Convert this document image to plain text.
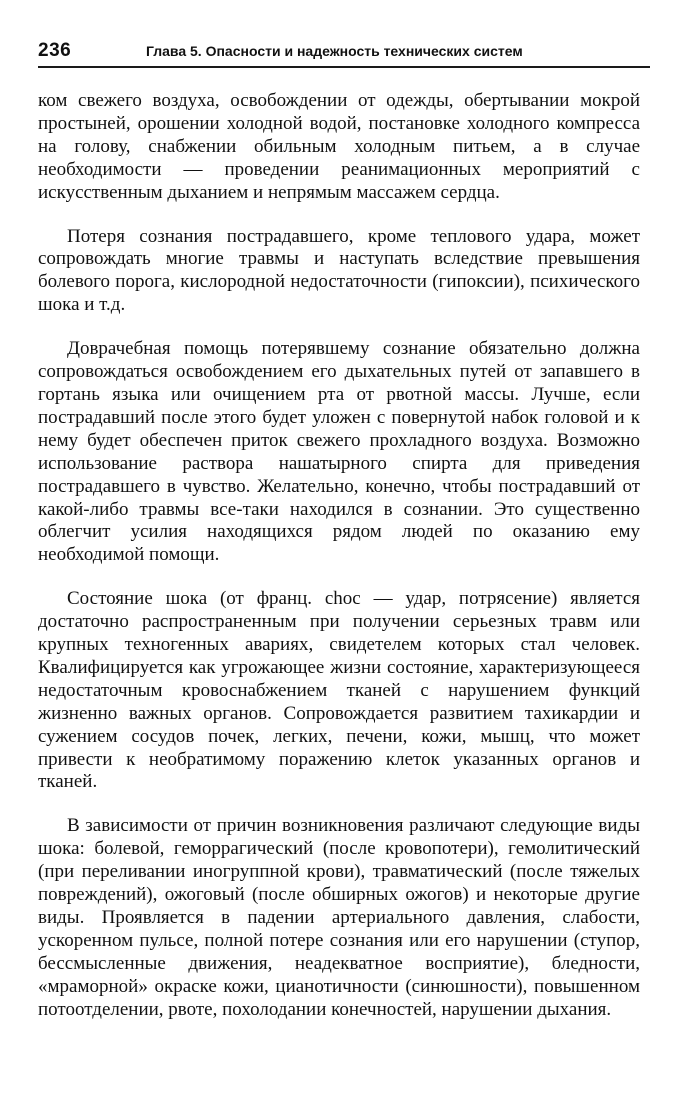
236	Глава 5. Опасности и надежность технических систем

ком свежего воздуха, освобождении от одежды, обертывании мокрой простыней, орошении холодной водой, постановке холодного компресса на голову, снабжении обильным холодным питьем, а в случае необходимости — проведении реанимационных мероприятий с искусственным дыханием и непрямым массажем сердца.

Потеря сознания пострадавшего, кроме теплового удара, может сопровождать многие травмы и наступать вследствие превышения болевого порога, кислородной недостаточности (гипоксии), психического шока и т.д.

Доврачебная помощь потерявшему сознание обязательно должна сопровождаться освобождением его дыхательных путей от запавшего в гортань языка или очищением рта от рвотной массы. Лучше, если пострадавший после этого будет уложен с повернутой набок головой и к нему будет обеспечен приток свежего прохладного воздуха. Возможно использование раствора нашатырного спирта для приведения пострадавшего в чувство. Желательно, конечно, чтобы пострадавший от какой-либо травмы все-таки находился в сознании. Это существенно облегчит усилия находящихся рядом людей по оказанию ему необходимой помощи.

Состояние шока (от франц. choc — удар, потрясение) является достаточно распространенным при получении серьезных травм или крупных техногенных авариях, свидетелем которых стал человек. Квалифицируется как угрожающее жизни состояние, характеризующееся недостаточным кровоснабжением тканей с нарушением функций жизненно важных органов. Сопровождается развитием тахикардии и сужением сосудов почек, легких, печени, кожи, мышц, что может привести к необратимому поражению клеток указанных органов и тканей.

В зависимости от причин возникновения различают следующие виды шока: болевой, геморрагический (после кровопотери), гемолитический (при переливании иногруппной крови), травматический (после тяжелых повреждений), ожоговый (после обширных ожогов) и некоторые другие виды. Проявляется в падении артериального давления, слабости, ускоренном пульсе, полной потере сознания или его нарушении (ступор, бессмысленные движения, неадекватное восприятие), бледности, «мраморной» окраске кожи, цианотичности (синюшности), повышенном потоотделении, рвоте, похолодании конечностей, нарушении дыхания.
